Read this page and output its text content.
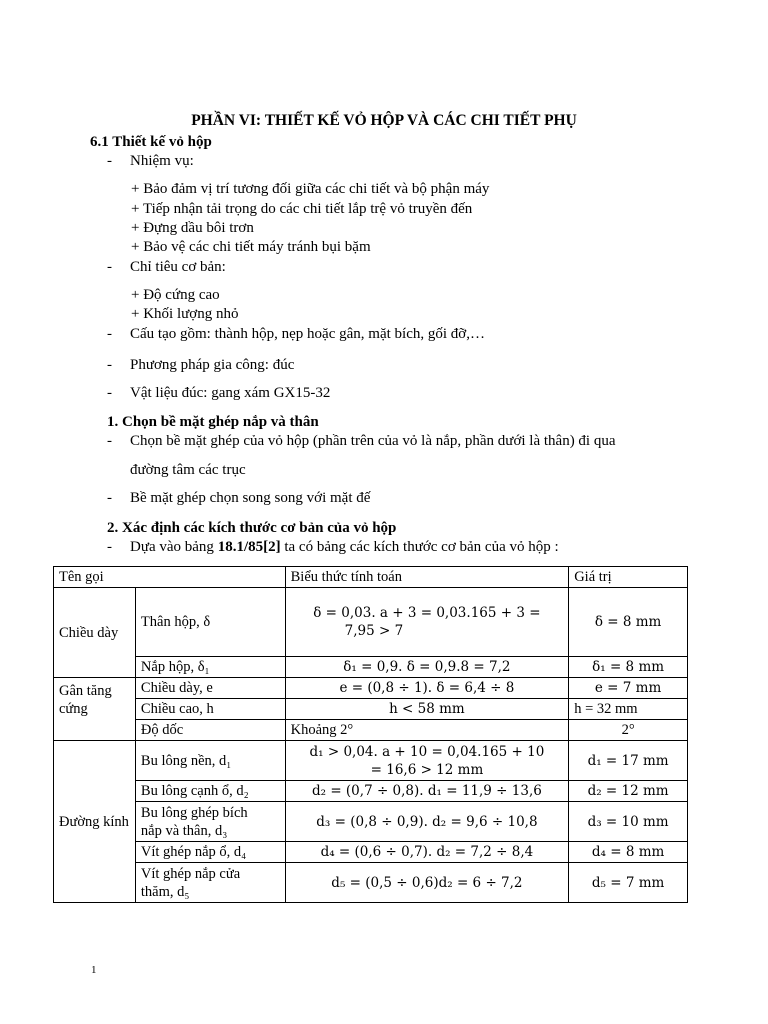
PHẦN VI: THIẾT KẾ VỎ HỘP VÀ CÁC CHI TIẾT PHỤ
6.1 Thiết kế vỏ hộp
- Nhiệm vụ:
+ Bảo đảm vị trí tương đối giữa các chi tiết và bộ phận máy
+ Tiếp nhận tải trọng do các chi tiết lắp trệ vỏ truyền đến
+ Đựng dầu bôi trơn
+ Bảo vệ các chi tiết máy tránh bụi bặm
- Chỉ tiêu cơ bản:
+ Độ cứng cao
+ Khối lượng nhỏ
- Cấu tạo gồm: thành hộp, nẹp hoặc gân, mặt bích, gối đỡ,…
- Phương pháp gia công: đúc
- Vật liệu đúc: gang xám GX15-32
1. Chọn bề mặt ghép nắp và thân
- Chọn bề mặt ghép của vỏ hộp (phần trên của vỏ là nắp, phần dưới là thân) đi qua
đường tâm các trục
- Bề mặt ghép chọn song song với mặt đế
2. Xác định các kích thước cơ bản của vỏ hộp
- Dựa vào bảng 18.1/85[2] ta có bảng các kích thước cơ bản của vỏ hộp :
Tên gọi		Biểu thức tính toán	Giá trị
Chiều dày	Thân hộp, δ	δ = 0,03. a + 3 = 0,03.165 + 3 =
7,95 > 7	δ = 8 mm
	Nắp hộp, δ₁	δ₁ = 0,9. δ = 0,9.8 = 7,2	δ₁ = 8 mm
Gân tăng cứng	Chiều dày, e	e = (0,8 ÷ 1). δ = 6,4 ÷ 8	e = 7 mm
	Chiều cao, h	h < 58 mm	h = 32 mm
	Độ dốc	Khoảng 2°	2°
Đường kính	Bu lông nền, d₁	d₁ > 0,04. a + 10 = 0,04.165 + 10
= 16,6 > 12 mm	d₁ = 17 mm
	Bu lông cạnh ổ, d₂	d₂ = (0,7 ÷ 0,8). d₁ = 11,9 ÷ 13,6	d₂ = 12 mm

	Bu lông ghép bích
nắp và thân, d₃	d₃ = (0,8 ÷ 0,9). d₂ = 9,6 ÷ 10,8	d₃ = 10 mm
	Vít ghép nắp ổ, d₄	d₄ = (0,6 ÷ 0,7). d₂ = 7,2 ÷ 8,4	d₄ = 8 mm

	Vít ghép nắp cửa
thăm, d₅	d₅ = (0,5 ÷ 0,6)d₂ = 6 ÷ 7,2	d₅ = 7 mm
1
